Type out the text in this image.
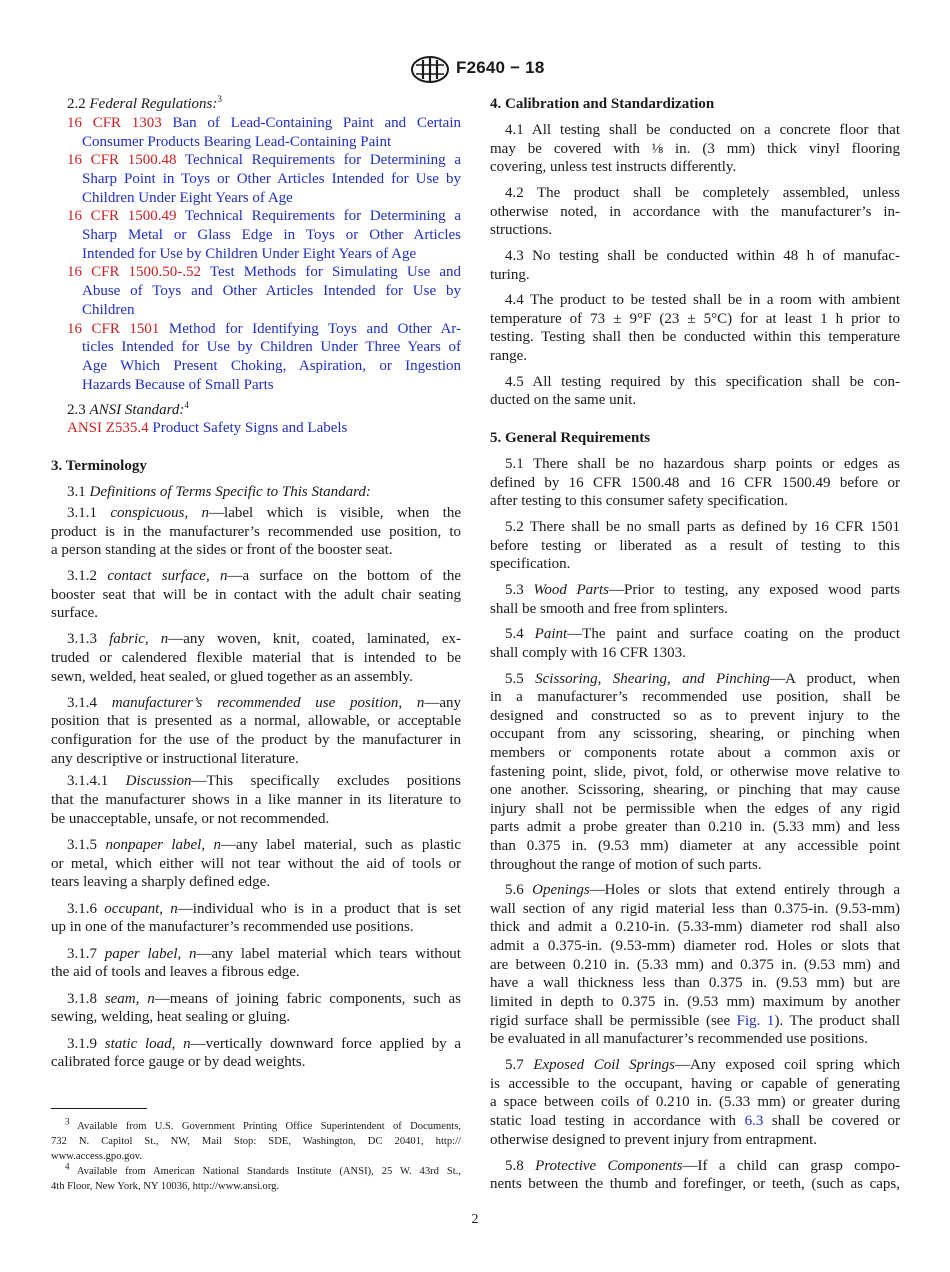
F2640 − 18
2.2 Federal Regulations:$^3$
16 CFR 1303 Ban of Lead-Containing Paint and Certain
Consumer Products Bearing Lead-Containing Paint
16 CFR 1500.48 Technical Requirements for Determining a
Sharp Point in Toys or Other Articles Intended for Use by
Children Under Eight Years of Age
16 CFR 1500.49 Technical Requirements for Determining a
Sharp Metal or Glass Edge in Toys or Other Articles
Intended for Use by Children Under Eight Years of Age
16 CFR 1500.50-.52 Test Methods for Simulating Use and
Abuse of Toys and Other Articles Intended for Use by
Children
16 CFR 1501 Method for Identifying Toys and Other Ar-
ticles Intended for Use by Children Under Three Years of
Age Which Present Choking, Aspiration, or Ingestion
Hazards Because of Small Parts
2.3 ANSI Standard:$^4$
ANSI Z535.4 Product Safety Signs and Labels
3. Terminology
3.1 Definitions of Terms Specific to This Standard:
3.1.1 conspicuous, n—label which is visible, when the
product is in the manufacturer’s recommended use position, to
a person standing at the sides or front of the booster seat.
3.1.2 contact surface, n—a surface on the bottom of the
booster seat that will be in contact with the adult chair seating
surface.
3.1.3 fabric, n—any woven, knit, coated, laminated, ex-
truded or calendered flexible material that is intended to be
sewn, welded, heat sealed, or glued together as an assembly.
3.1.4 manufacturer’s recommended use position, n—any
position that is presented as a normal, allowable, or acceptable
configuration for the use of the product by the manufacturer in
any descriptive or instructional literature.
3.1.4.1 Discussion—This specifically excludes positions
that the manufacturer shows in a like manner in its literature to
be unacceptable, unsafe, or not recommended.
3.1.5 nonpaper label, n—any label material, such as plastic
or metal, which either will not tear without the aid of tools or
tears leaving a sharply defined edge.
3.1.6 occupant, n—individual who is in a product that is set
up in one of the manufacturer’s recommended use positions.
3.1.7 paper label, n—any label material which tears without
the aid of tools and leaves a fibrous edge.
3.1.8 seam, n—means of joining fabric components, such as
sewing, welding, heat sealing or gluing.
3.1.9 static load, n—vertically downward force applied by a
calibrated force gauge or by dead weights.
$^3$ Available from U.S. Government Printing Office Superintendent of Documents,
732 N. Capitol St., NW, Mail Stop: SDE, Washington, DC 20401, http://
www.access.gpo.gov.
$^4$ Available from American National Standards Institute (ANSI), 25 W. 43rd St.,
4th Floor, New York, NY 10036, http://www.ansi.org.
4. Calibration and Standardization
4.1 All testing shall be conducted on a concrete floor that
may be covered with ⅛ in. (3 mm) thick vinyl flooring
covering, unless test instructs differently.
4.2 The product shall be completely assembled, unless
otherwise noted, in accordance with the manufacturer’s in-
structions.
4.3 No testing shall be conducted within 48 h of manufac-
turing.
4.4 The product to be tested shall be in a room with ambient
temperature of 73 ± 9°F (23 ± 5°C) for at least 1 h prior to
testing. Testing shall then be conducted within this temperature
range.
4.5 All testing required by this specification shall be con-
ducted on the same unit.
5. General Requirements
5.1 There shall be no hazardous sharp points or edges as
defined by 16 CFR 1500.48 and 16 CFR 1500.49 before or
after testing to this consumer safety specification.
5.2 There shall be no small parts as defined by 16 CFR 1501
before testing or liberated as a result of testing to this
specification.
5.3 Wood Parts—Prior to testing, any exposed wood parts
shall be smooth and free from splinters.
5.4 Paint—The paint and surface coating on the product
shall comply with 16 CFR 1303.
5.5 Scissoring, Shearing, and Pinching—A product, when
in a manufacturer’s recommended use position, shall be
designed and constructed so as to prevent injury to the
occupant from any scissoring, shearing, or pinching when
members or components rotate about a common axis or
fastening point, slide, pivot, fold, or otherwise move relative to
one another. Scissoring, shearing, or pinching that may cause
injury shall not be permissible when the edges of any rigid
parts admit a probe greater than 0.210 in. (5.33 mm) and less
than 0.375 in. (9.53 mm) diameter at any accessible point
throughout the range of motion of such parts.
5.6 Openings—Holes or slots that extend entirely through a
wall section of any rigid material less than 0.375-in. (9.53-mm)
thick and admit a 0.210-in. (5.33-mm) diameter rod shall also
admit a 0.375-in. (9.53-mm) diameter rod. Holes or slots that
are between 0.210 in. (5.33 mm) and 0.375 in. (9.53 mm) and
have a wall thickness less than 0.375 in. (9.53 mm) but are
limited in depth to 0.375 in. (9.53 mm) maximum by another
rigid surface shall be permissible (see Fig. 1). The product shall
be evaluated in all manufacturer’s recommended use positions.
5.7 Exposed Coil Springs—Any exposed coil spring which
is accessible to the occupant, having or capable of generating
a space between coils of 0.210 in. (5.33 mm) or greater during
static load testing in accordance with 6.3 shall be covered or
otherwise designed to prevent injury from entrapment.
5.8 Protective Components—If a child can grasp compo-
nents between the thumb and forefinger, or teeth, (such as caps,
2
